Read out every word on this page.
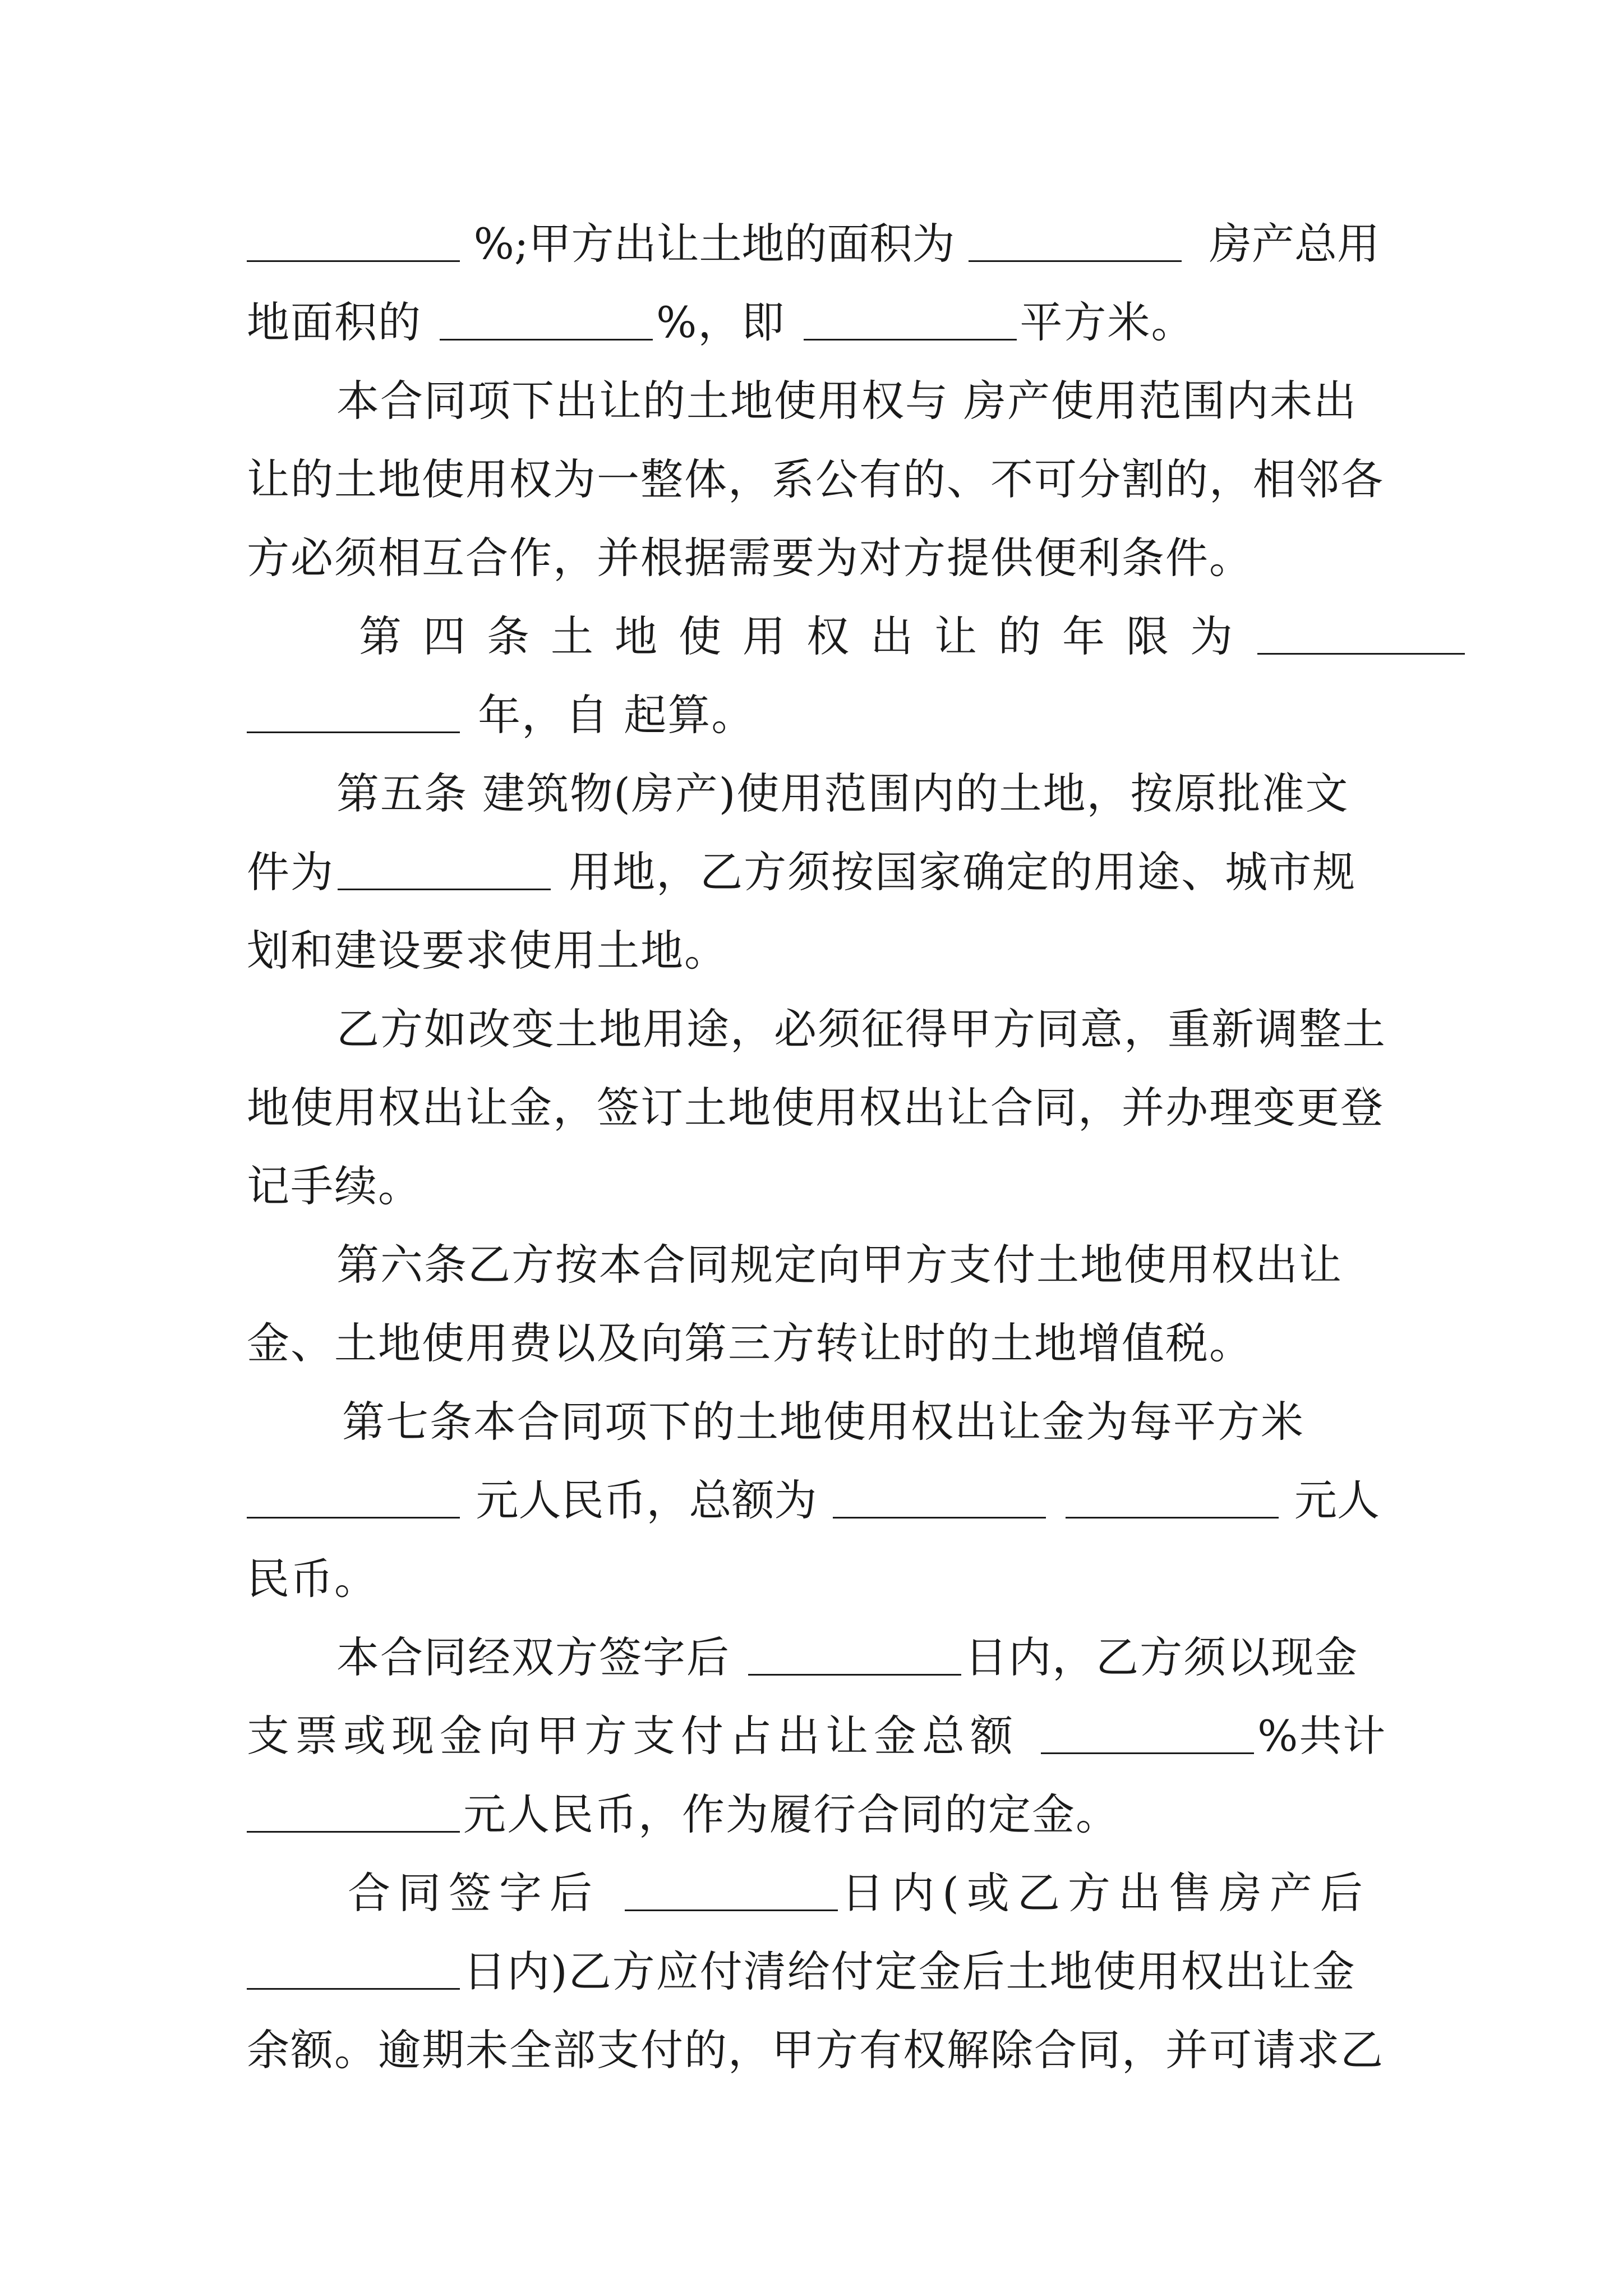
%;甲方出让土地的面积为	房产总用
地面积的	%，即	平方米。
本合同项下出让的土地使用权与 房产使用范围内未出
让的土地使用权为一整体，系公有的、不可分割的，相邻各
方必须相互合作，并根据需要为对方提供便利条件。
第四条土地使用权出让的年限为
年，自 起算。
第五条 建筑物(房产)使用范围内的土地，按原批准文
件为	用地，乙方须按国家确定的用途、城市规
划和建设要求使用土地。
乙方如改变土地用途，必须征得甲方同意，重新调整土
地使用权出让金，签订土地使用权出让合同，并办理变更登
记手续。
第六条乙方按本合同规定向甲方支付土地使用权出让
金、土地使用费以及向第三方转让时的土地增值税。
第七条本合同项下的土地使用权出让金为每平方米
元人民币，总额为	元人
民币。
本合同经双方签字后	日内，乙方须以现金
支票或现金向甲方支付占出让金总额	%共计
元人民币，作为履行合同的定金。
合同签字后	日内(或乙方出售房产后
日内)乙方应付清给付定金后土地使用权出让金
余额。逾期未全部支付的，甲方有权解除合同，并可请求乙
